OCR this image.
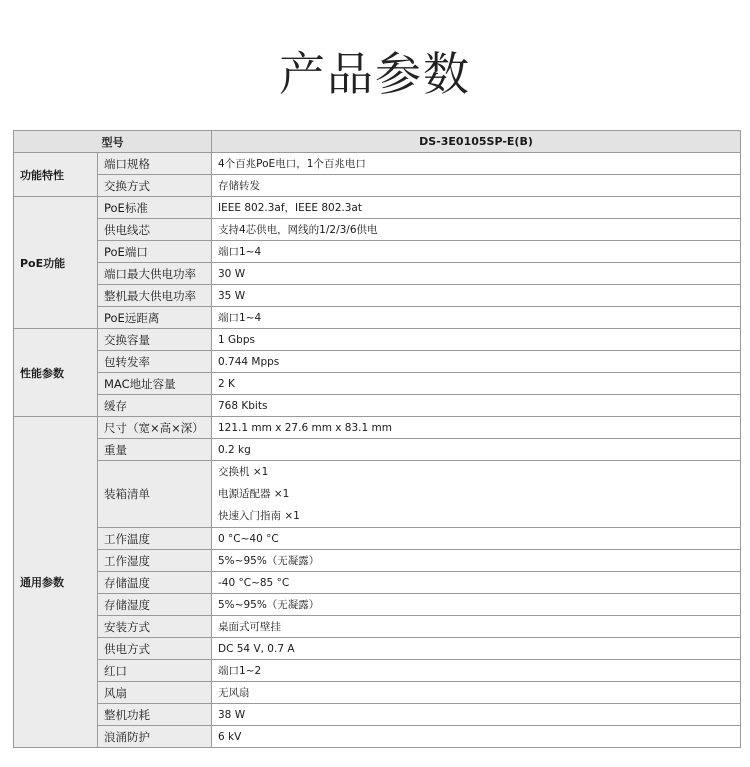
产品参数
型号		DS-3E0105SP-E(B)
功能特性	端口规格	4个百兆PoE电口，1个百兆电口
	交换方式	存储转发
PoE功能	PoE标准	IEEE 802.3af，IEEE 802.3at
	供电线芯	支持4芯供电，网线的1/2/3/6供电
	PoE端口	端口1~4
	端口最大供电功率	30 W
	整机最大供电功率	35 W
	PoE远距离	端口1~4
性能参数	交换容量	1 Gbps
	包转发率	0.744 Mpps
	MAC地址容量	2 K
	缓存	768 Kbits
通用参数	尺寸（宽×高×深）	121.1 mm x 27.6 mm x 83.1 mm
	重量	0.2 kg
	装箱清单	交换机 ×1
电源适配器 ×1
快速入门指南 ×1

	工作温度	0 °C~40 °C
	工作湿度	5%~95%（无凝露）
	存储温度	-40 °C~85 °C
	存储湿度	5%~95%（无凝露）
	安装方式	桌面式可壁挂
	供电方式	DC 54 V, 0.7 A
	红口	端口1~2
	风扇	无风扇
	整机功耗	38 W
	浪涌防护	6 kV
